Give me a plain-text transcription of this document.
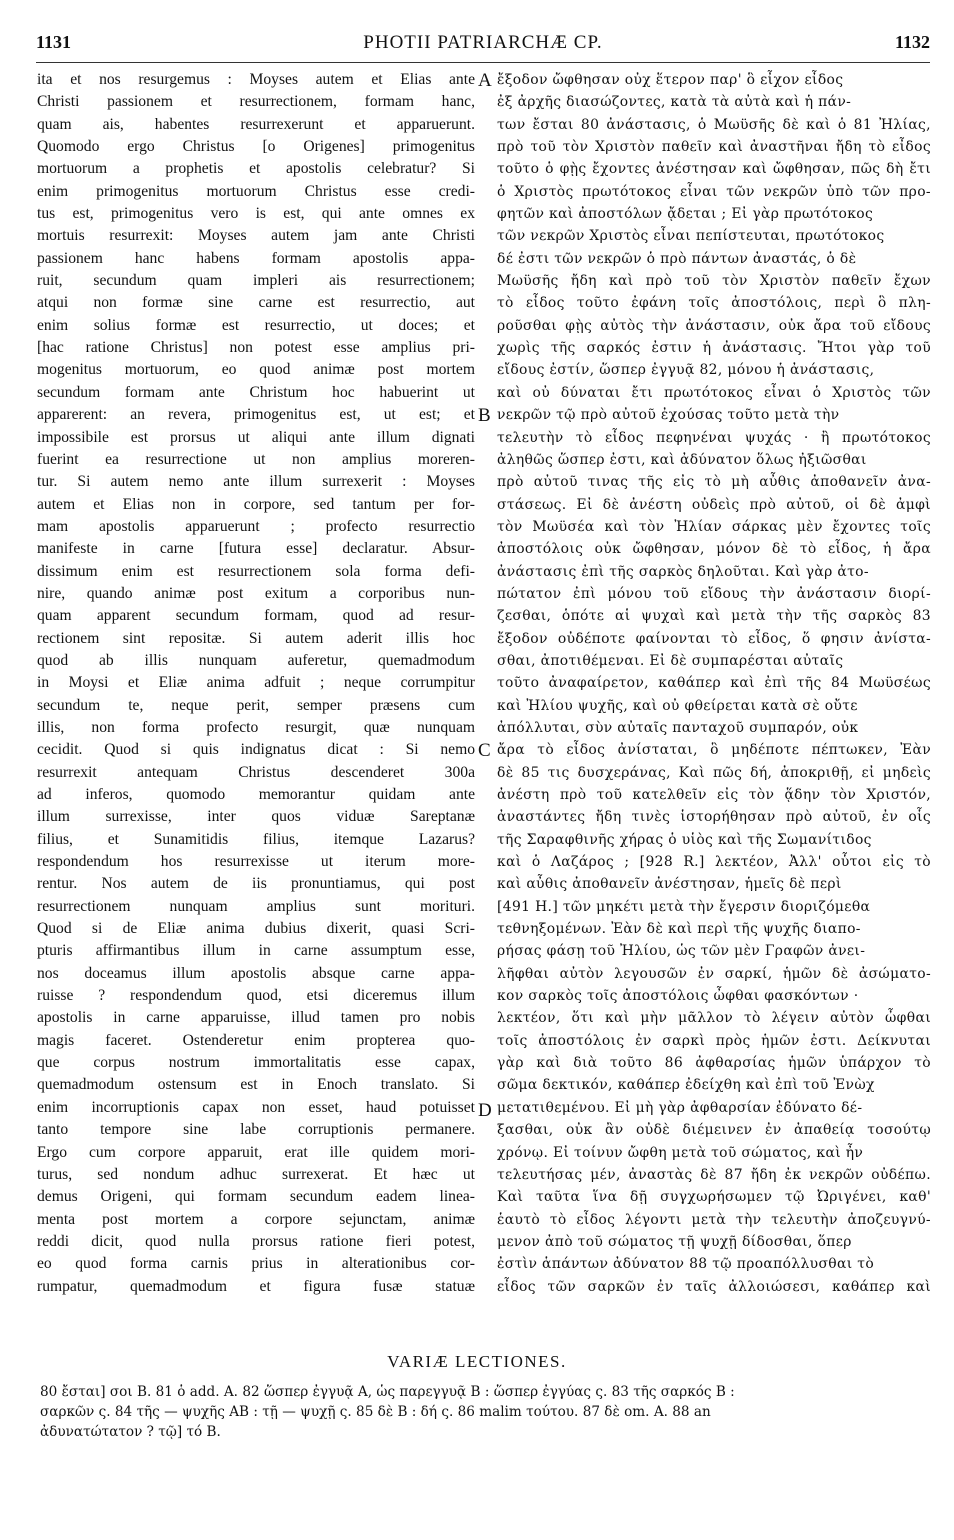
1131	PHOTII PATRIARCHÆ CP.	1132
ita et nos resurgemus : Moyses autem et Elias ante
Christi passionem et resurrectionem, formam hanc,
quam ais, habentes resurrexerunt et apparuerunt.
Quomodo ergo Christus [o Origenes] primogenitus
mortuorum a prophetis et apostolis celebratur? Si
enim primogenitus mortuorum Christus esse credi-
tus est, primogenitus vero is est, qui ante omnes ex
mortuis resurrexit: Moyses autem jam ante Christi
passionem hanc habens formam apostolis appa-
ruit, secundum quam impleri ais resurrectionem;
atqui non formæ sine carne est resurrectio, aut
enim solius formæ est resurrectio, ut doces; et
[hac ratione Christus] non potest esse amplius pri-
mogenitus mortuorum, eo quod animæ post mortem
secundum formam ante Christum hoc habuerint ut
apparerent: an revera, primogenitus est, ut est; et
impossibile est prorsus ut aliqui ante illum dignati
fuerint ea resurrectione ut non amplius moreren-
tur. Si autem nemo ante illum surrexerit : Moyses
autem et Elias non in corpore, sed tantum per for-
mam apostolis apparuerunt ; profecto resurrectio
manifeste in carne [futura esse] declaratur. Absur-
dissimum enim est resurrectionem sola forma defi-
nire, quando animæ post exitum a corporibus nun-
quam apparent secundum formam, quod ad resur-
rectionem sint repositæ. Si autem aderit illis hoc
quod ab illis nunquam auferetur, quemadmodum
in Moysi et Eliæ anima adfuit ; neque corrumpitur
secundum te, neque perit, semper præsens cum
illis, non forma profecto resurgit, quæ nunquam
cecidit. Quod si quis indignatus dicat : Si nemo
resurrexit antequam Christus descenderet 300a
ad inferos, quomodo memorantur quidam ante
illum surrexisse, inter quos viduæ Sareptanæ
filius, et Sunamitidis filius, itemque Lazarus?
respondendum hos resurrexisse ut iterum more-
rentur. Nos autem de iis pronuntiamus, qui post
resurrectionem nunquam amplius sunt morituri.
Quod si de Eliæ anima dubius dixerit, quasi Scri-
pturis affirmantibus illum in carne assumptum esse,
nos doceamus illum apostolis absque carne appa-
ruisse ? respondendum quod, etsi diceremus illum
apostolis in carne apparuisse, illud tamen pro nobis
magis faceret. Ostenderetur enim propterea quo-
que corpus nostrum immortalitatis esse capax,
quemadmodum ostensum est in Enoch translato. Si
enim incorruptionis capax non esset, haud potuisset
tanto tempore sine labe corruptionis permanere.
Ergo cum corpore apparuit, erat ille quidem mori-
turus, sed nondum adhuc surrexerat. Et hæc ut
demus Origeni, qui formam secundum eadem linea-
menta post mortem a corpore sejunctam, animæ
reddi dicit, quod nulla prorsus ratione fieri potest,
eo quod forma carnis prius in alterationibus cor-
rumpatur, quemadmodum et figura fusæ statuæ
ἔξοδον ὤφθησαν οὐχ ἕτερον παρ' ὃ εἶχον εἶδος
ἐξ ἀρχῆς διασώζοντες, κατὰ τὰ αὐτὰ καὶ ἡ πάν-
των ἔσται 80 ἀνάστασις, ὁ Μωϋσῆς δὲ καὶ ὁ 81 Ἠλίας,
πρὸ τοῦ τὸν Χριστὸν παθεῖν καὶ ἀναστῆναι ἤδη τὸ εἶδος
τοῦτο ὁ φῂς ἔχοντες ἀνέστησαν καὶ ὤφθησαν, πῶς δὴ ἔτι
ὁ Χριστὸς πρωτότοκος εἶναι τῶν νεκρῶν ὑπὸ τῶν προ-
φητῶν καὶ ἀποστόλων ᾄδεται ; Εἰ γὰρ πρωτότοκος
τῶν νεκρῶν Χριστὸς εἶναι πεπίστευται, πρωτότοκος
δέ ἐστι τῶν νεκρῶν ὁ πρὸ πάντων ἀναστάς, ὁ δὲ
Μωϋσῆς ἤδη καὶ πρὸ τοῦ τὸν Χριστὸν παθεῖν ἔχων
τὸ εἶδος τοῦτο ἐφάνη τοῖς ἀποστόλοις, περὶ ὃ πλη-
ροῦσθαι φῂς αὐτὸς τὴν ἀνάστασιν, οὐκ ἄρα τοῦ εἴδους
χωρὶς τῆς σαρκός ἐστιν ἡ ἀνάστασις. Ἤτοι γὰρ τοῦ
εἴδους ἐστίν, ὥσπερ ἐγγυᾷ 82, μόνου ἡ ἀνάστασις,
καὶ οὐ δύναται ἔτι πρωτότοκος εἶναι ὁ Χριστὸς τῶν
νεκρῶν τῷ πρὸ αὐτοῦ ἐχούσας τοῦτο μετὰ τὴν
τελευτὴν τὸ εἶδος πεφηνέναι ψυχάς · ἢ πρωτότοκος
ἀληθῶς ὥσπερ ἐστι, καὶ ἀδύνατον ὅλως ἠξιῶσθαι
πρὸ αὐτοῦ τινας τῆς εἰς τὸ μὴ αὖθις ἀποθανεῖν ἀνα-
στάσεως. Εἰ δὲ ἀνέστη οὐδεὶς πρὸ αὐτοῦ, οἱ δὲ ἀμφὶ
τὸν Μωϋσέα καὶ τὸν Ἠλίαν σάρκας μὲν ἔχοντες τοῖς
ἀποστόλοις οὐκ ὤφθησαν, μόνον δὲ τὸ εἶδος, ἡ ἄρα
ἀνάστασις ἐπὶ τῆς σαρκὸς δηλοῦται. Καὶ γὰρ ἀτο-
πώτατον ἐπὶ μόνου τοῦ εἴδους τὴν ἀνάστασιν διορί-
ζεσθαι, ὁπότε αἱ ψυχαὶ καὶ μετὰ τὴν τῆς σαρκὸς 83
ἔξοδον οὐδέποτε φαίνονται τὸ εἶδος, ὅ φησιν ἀνίστα-
σθαι, ἀποτιθέμεναι. Εἰ δὲ συμπαρέσται αὐταῖς
τοῦτο ἀναφαίρετον, καθάπερ καὶ ἐπὶ τῆς 84 Μωϋσέως
καὶ Ἠλίου ψυχῆς, καὶ οὐ φθείρεται κατὰ σὲ οὔτε
ἀπόλλυται, σὺν αὐταῖς πανταχοῦ συμπαρόν, οὐκ
ἄρα τὸ εἶδος ἀνίσταται, ὃ μηδέποτε πέπτωκεν, Ἐὰν
δὲ 85 τις δυσχεράνας, Καὶ πῶς δή, ἀποκριθῇ, εἰ μηδεὶς
ἀνέστη πρὸ τοῦ κατελθεῖν εἰς τὸν ᾅδην τὸν Χριστόν,
ἀναστάντες ἤδη τινὲς ἱστορήθησαν πρὸ αὐτοῦ, ἐν οἷς
τῆς Σαραφθινῆς χήρας ὁ υἱὸς καὶ τῆς Σωμανίτιδος
καὶ ὁ Λαζάρος ; [928 R.] λεκτέον, Ἀλλ' οὗτοι εἰς τὸ
καὶ αὖθις ἀποθανεῖν ἀνέστησαν, ἡμεῖς δὲ περὶ
[491 H.] τῶν μηκέτι μετὰ τὴν ἔγερσιν διοριζόμεθα
τεθνηξομένων. Ἐὰν δὲ καὶ περὶ τῆς ψυχῆς διαπο-
ρήσας φάσῃ τοῦ Ἠλίου, ὡς τῶν μὲν Γραφῶν ἀνει-
λῆφθαι αὐτὸν λεγουσῶν ἐν σαρκί, ἡμῶν δὲ ἀσώματο-
κον σαρκὸς τοῖς ἀποστόλοις ὦφθαι φασκόντων ·
λεκτέον, ὅτι καὶ μὴν μᾶλλον τὸ λέγειν αὐτὸν ὦφθαι
τοῖς ἀποστόλοις ἐν σαρκὶ πρὸς ἡμῶν ἐστι. Δείκνυται
γὰρ καὶ διὰ τοῦτο 86 ἀφθαρσίας ἡμῶν ὑπάρχον τὸ
σῶμα δεκτικόν, καθάπερ ἐδείχθη καὶ ἐπὶ τοῦ Ἐνὼχ
μετατιθεμένου. Εἰ μὴ γὰρ ἀφθαρσίαν ἐδύνατο δέ-
ξασθαι, οὐκ ἂν οὐδὲ διέμεινεν ἐν ἀπαθείᾳ τοσούτῳ
χρόνῳ. Εἰ τοίνυν ὤφθη μετὰ τοῦ σώματος, καὶ ἦν
τελευτήσας μέν, ἀναστὰς δὲ 87 ἤδη ἐκ νεκρῶν οὐδέπω.
Καὶ ταῦτα ἵνα δῇ συγχωρήσωμεν τῷ Ὠριγένει, καθ'
ἑαυτὸ τὸ εἶδος λέγοντι μετὰ τὴν τελευτὴν ἀποζευγνύ-
μενον ἀπὸ τοῦ σώματος τῇ ψυχῇ δίδοσθαι, ὅπερ
ἐστὶν ἁπάντων ἀδύνατον 88 τῷ προαπόλλυσθαι τὸ
εἶδος τῶν σαρκῶν ἐν ταῖς ἀλλοιώσεσι, καθάπερ καὶ
A
B
C
D
VARIÆ LECTIONES.
80 ἔσται] σοι B. 81 ὁ add. A. 82 ὥσπερ ἐγγυᾷ A, ὡς παρεγγυᾷ B : ὥσπερ ἐγγύας ς. 83 τῆς σαρκός B :
σαρκῶν ς. 84 τῆς — ψυχῆς AB : τῇ — ψυχῇ ς. 85 δὲ B : δή ς. 86 malim τούτου. 87 δὲ om. A. 88 an
ἀδυνατώτατον ? τῷ] τό B.
